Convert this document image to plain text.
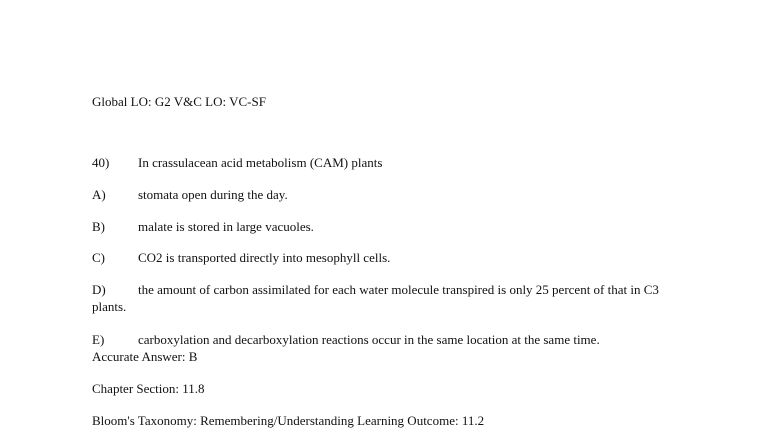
Global LO: G2 V&C LO: VC-SF
40) In crassulacean acid metabolism (CAM) plants
A) stomata open during the day.
B)	malate is stored in large vacuoles.
C)	CO2 is transported directly into mesophyll cells.
D) the amount of carbon assimilated for each water molecule transpired is only 25 percent of that in C3 plants.
E)	carboxylation and decarboxylation reactions occur in the same location at the same time.
Accurate Answer: B
Chapter Section: 11.8
Bloom's Taxonomy: Remembering/Understanding Learning Outcome: 11.2
